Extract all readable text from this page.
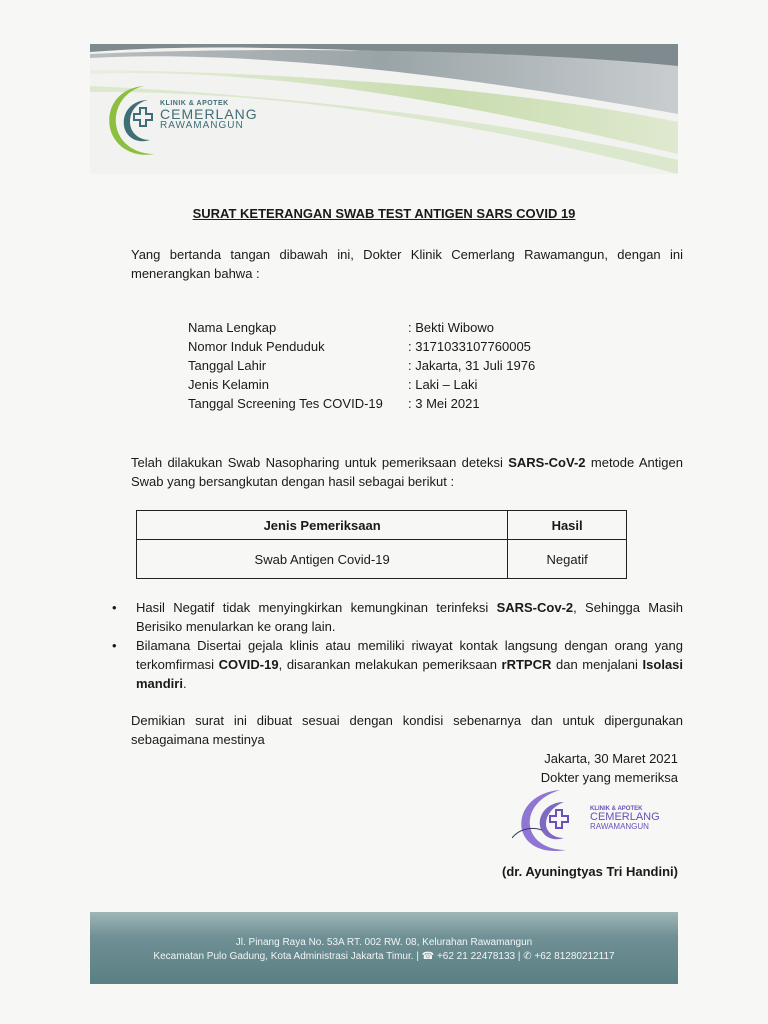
KLINIK & APOTEK
CEMERLANG
RAWAMANGUN
SURAT KETERANGAN SWAB TEST ANTIGEN SARS COVID 19
Yang bertanda tangan dibawah ini, Dokter Klinik Cemerlang Rawamangun, dengan ini menerangkan bahwa :
Nama Lengkap	: Bekti Wibowo
Nomor Induk Penduduk	: 3171033107760005
Tanggal Lahir	: Jakarta, 31 Juli 1976
Jenis Kelamin	: Laki – Laki
Tanggal Screening Tes COVID-19 : 3 Mei 2021
Telah dilakukan Swab Nasopharing untuk pemeriksaan deteksi SARS-CoV-2 metode Antigen Swab yang bersangkutan dengan hasil sebagai berikut :
Jenis Pemeriksaan	Hasil
Swab Antigen Covid-19	Negatif
• Hasil Negatif tidak menyingkirkan kemungkinan terinfeksi SARS-Cov-2, Sehingga Masih Berisiko menularkan ke orang lain.
• Bilamana Disertai gejala klinis atau memiliki riwayat kontak langsung dengan orang yang terkomfirmasi COVID-19, disarankan melakukan pemeriksaan rRTPCR dan menjalani Isolasi mandiri.
Demikian surat ini dibuat sesuai dengan kondisi sebenarnya dan untuk dipergunakan sebagaimana mestinya
Jakarta, 30 Maret 2021
Dokter yang memeriksa
KLINIK & APOTEK
CEMERLANG
RAWAMANGUN
(dr. Ayuningtyas Tri Handini)
Jl. Pinang Raya No. 53A RT. 002 RW. 08, Kelurahan Rawamangun
Kecamatan Pulo Gadung, Kota Administrasi Jakarta Timur. | ☎ +62 21 22478133 | ✆ +62 81280212117
